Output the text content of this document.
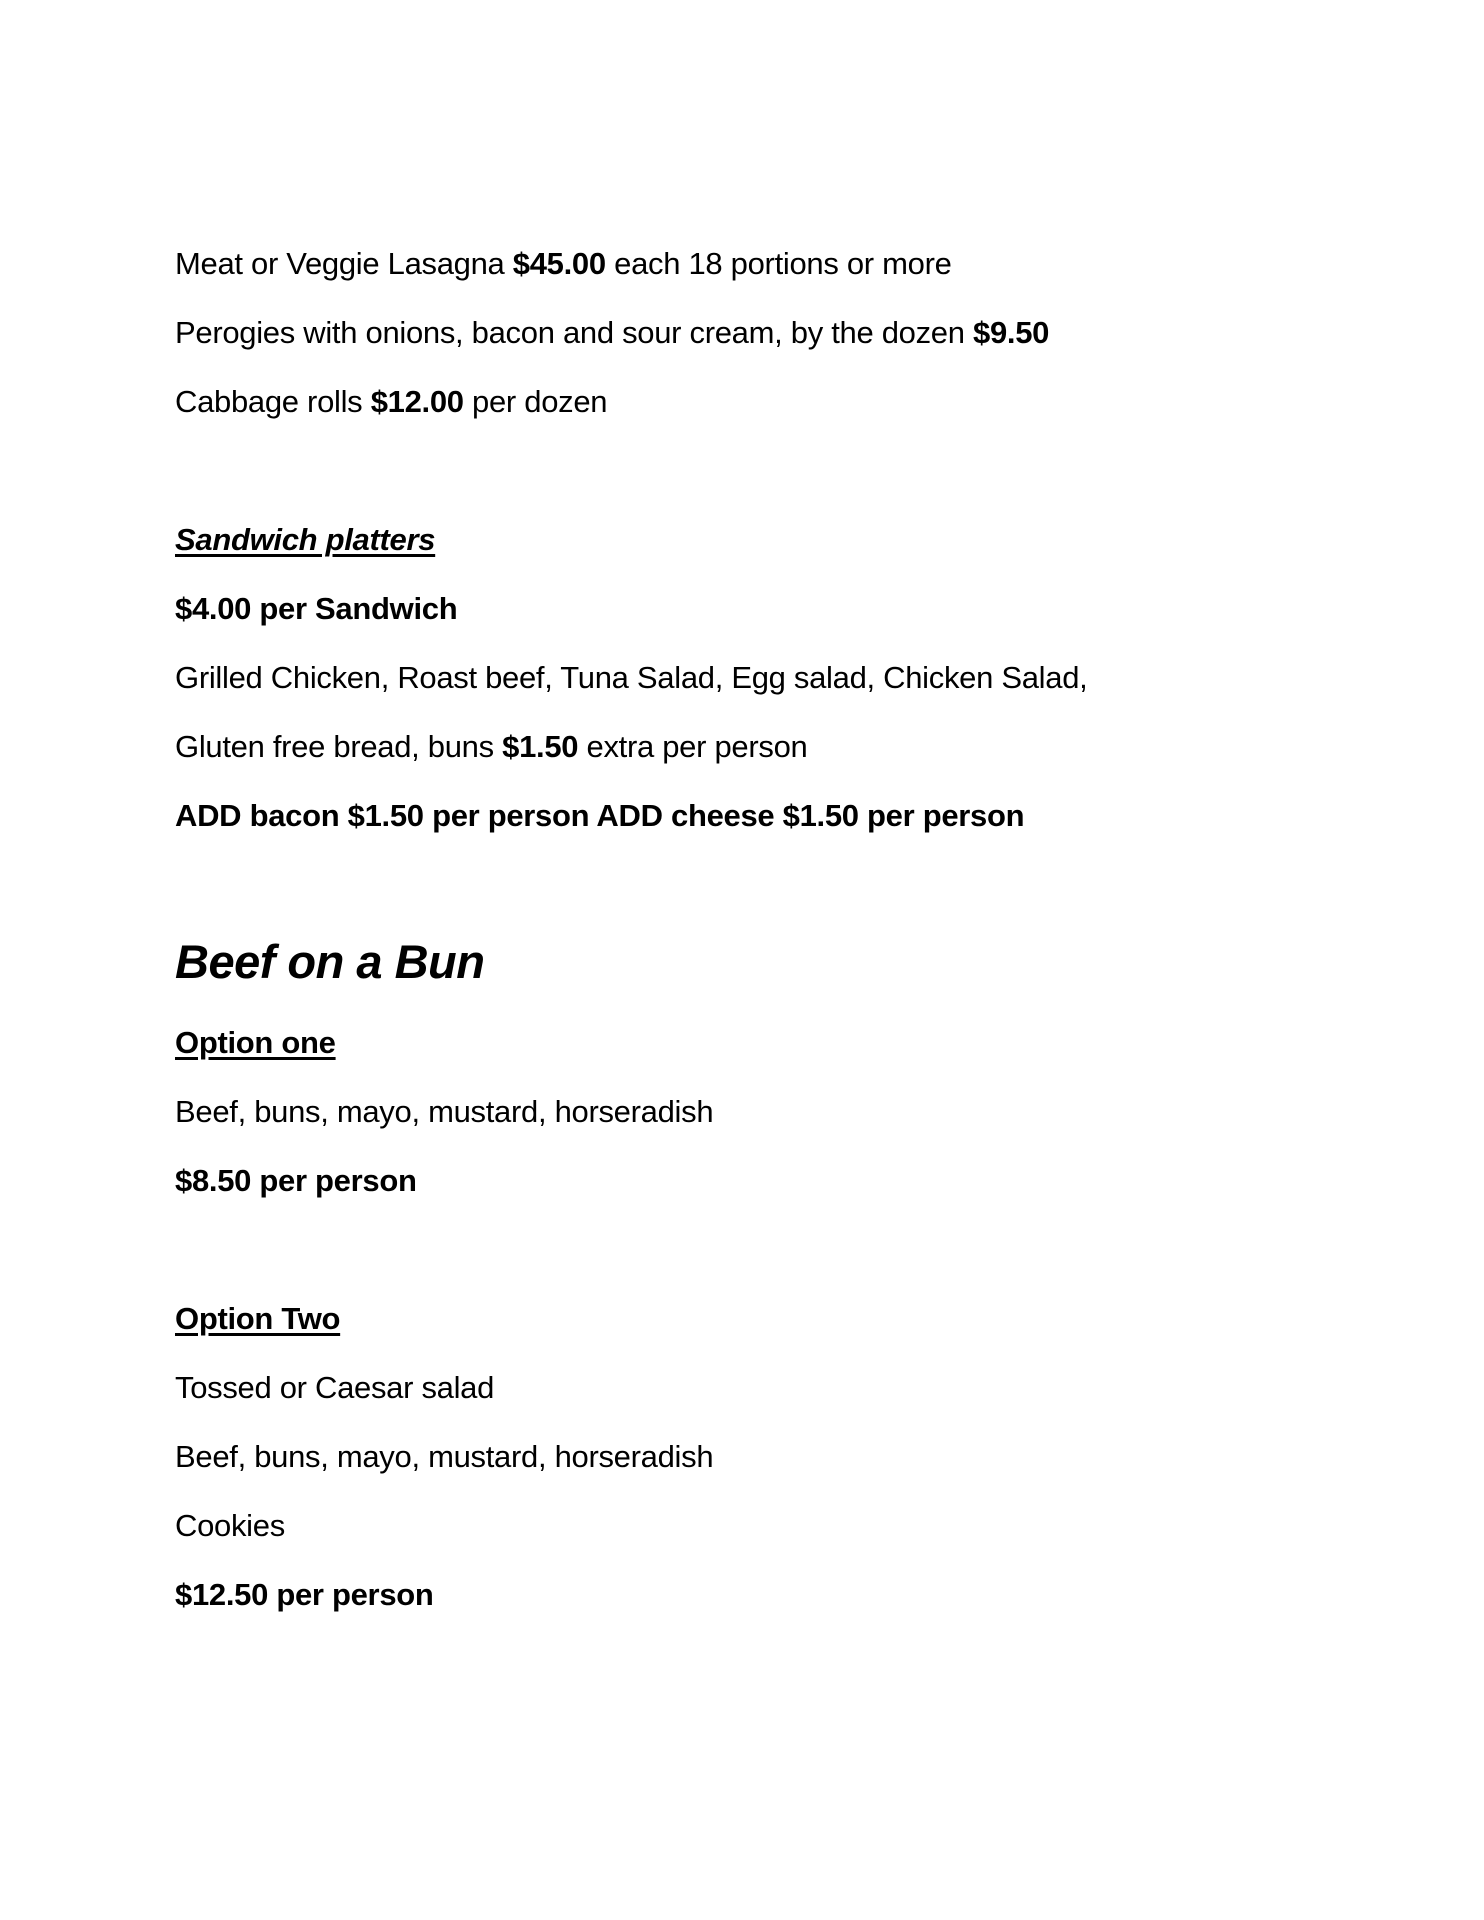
Meat or Veggie Lasagna $45.00 each 18 portions or more
Perogies with onions, bacon and sour cream, by the dozen $9.50
Cabbage rolls $12.00 per dozen
Sandwich platters
$4.00 per Sandwich
Grilled Chicken, Roast beef, Tuna Salad, Egg salad, Chicken Salad,
Gluten free bread, buns $1.50 extra per person
ADD bacon $1.50 per person ADD cheese $1.50 per person
Beef on a Bun
Option one
Beef, buns, mayo, mustard, horseradish
$8.50 per person
Option Two
Tossed or Caesar salad
Beef, buns, mayo, mustard, horseradish
Cookies
$12.50 per person
